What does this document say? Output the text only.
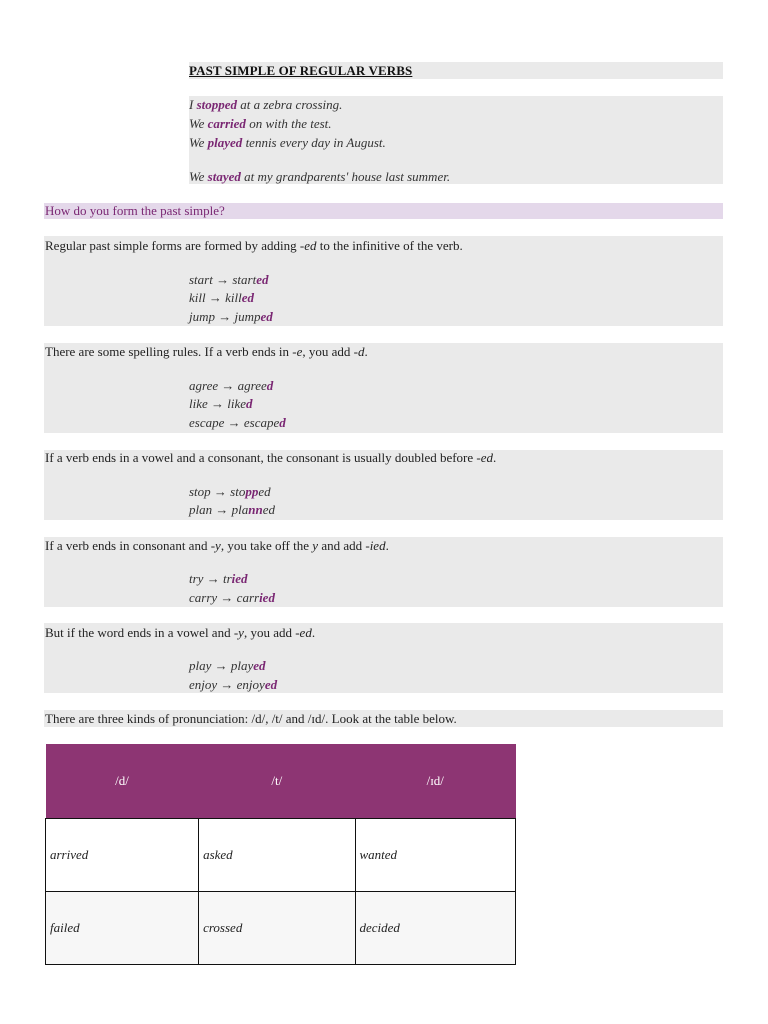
PAST SIMPLE OF REGULAR VERBS
I stopped at a zebra crossing.
We carried on with the test.
We played tennis every day in August.
We stayed at my grandparents' house last summer.
How do you form the past simple?
Regular past simple forms are formed by adding -ed to the infinitive of the verb.
start → started
kill → killed
jump → jumped
There are some spelling rules. If a verb ends in -e, you add -d.
agree → agreed
like → liked
escape → escaped
If a verb ends in a vowel and a consonant, the consonant is usually doubled before -ed.
stop → stopped
plan → planned
If a verb ends in consonant and -y, you take off the y and add -ied.
try → tried
carry → carried
But if the word ends in a vowel and -y, you add -ed.
play → played
enjoy → enjoyed
There are three kinds of pronunciation: /d/, /t/ and /ɪd/. Look at the table below.
/d/	/t/	/ɪd/
arrived	asked	wanted
failed	crossed	decided
